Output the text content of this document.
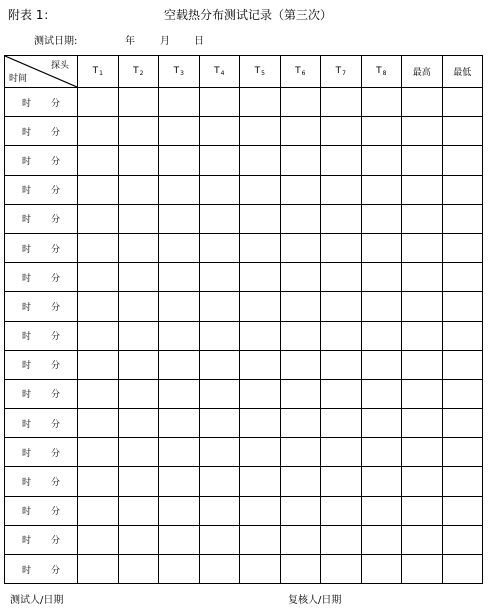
附表 1：	空载热分布测试记录（第三次）
测试日期:	年	月 日
探头
时间	$T_1$	$T_2$	$T_3$	$T_4$	$T_5$	$T_6$	$T_7$	$T_8$	最高	最低
时 分										
时 分										
时 分										
时 分										
时 分										
时 分										
时 分										
时 分										
时 分										
时 分										
时 分										
时 分										
时 分										
时 分										
时 分										
时 分										
时 分										
测试人/日期	复核人/日期
